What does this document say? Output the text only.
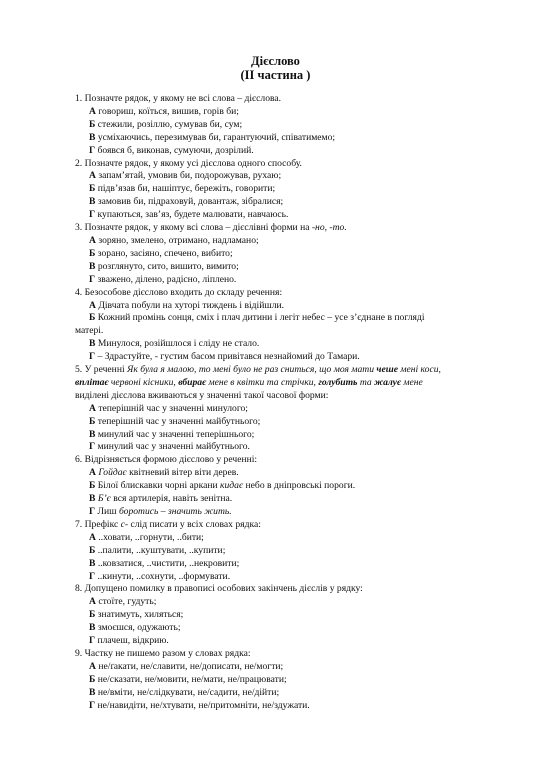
Дієслово
(ІІ частина )
1. Позначте рядок, у якому не всі слова – дієслова.
А говориш, коїться, вишив, горів би;
Б стежили, розіллю, сумував би, сум;
В усміхаючись, перезимував би, гарантуючий, співатимемо;
Г боявся б, виконав, сумуючи, дозрілий.
2. Позначте рядок, у якому усі дієслова одного способу.
А запам’ятай, умовив би, подорожував, рухаю;
Б підв’язав би, нашіптує, бережіть, говорити;
В замовив би, підраховуй, довантаж, зібралися;
Г купаються, зав’яз, будете малювати, навчаюсь.
3. Позначте рядок, у якому всі слова – дієслівні форми на -но, -то.
А зоряно, змелено, отримано, надламано;
Б зорано, засіяно, спечено, вибито;
В розглянуто, сито, вишито, вимито;
Г зважено, ділено, радісно, ліплено.
4. Безособове дієслово входить до складу речення:
А Дівчата побули на хуторі тиждень і відійшли.
Б Кожний промінь сонця, сміх і плач дитини і легіт небес – усе з’єднане в погляді
матері.
В Минулося, розійшлося і сліду не стало.
Г – Здрастуйте, - густим басом привітався незнайомий до Тамари.
5. У реченні Як була я малою, то мені було не раз сниться, що моя мати чеше мені коси,
вплітає червоні кісники, вбирає мене в квітки та стрічки, голубить та жалує мене
виділені дієслова вживаються у значенні такої часової форми:
А теперішній час у значенні минулого;
Б теперішній час у значенні майбутнього;
В минулий час у значенні теперішнього;
Г минулий час у значенні майбутнього.
6. Відрізняється формою дієслово у реченні:
А Гойдає квітневий вітер віти дерев.
Б Білої блискавки чорні аркани кидає небо в дніпровські пороги.
В Б’є вся артилерія, навіть зенітна.
Г Лиш боротись – значить жить.
7. Префікс с- слід писати у всіх словах рядка:
А ..ховати, ..горнути, ..бити;
Б ..палити, ..куштувати, ..купити;
В ..ковзатися, ..чистити, ..некровити;
Г ..кинути, ..сохнути, ..формувати.
8. Допущено помилку в правописі особових закінчень дієслів у рядку:
А стоїте, гудуть;
Б знатимуть, хиляться;
В змоєшся, одужають;
Г плачеш, відкрию.
9. Частку не пишемо разом у словах рядка:
А не/ґакати, не/славити, не/дописати, не/могти;
Б не/сказати, не/мовити, не/мати, не/працювати;
В не/вміти, не/слідкувати, не/садити, не/дійти;
Г не/навидіти, не/хтувати, не/притомніти, не/здужати.
